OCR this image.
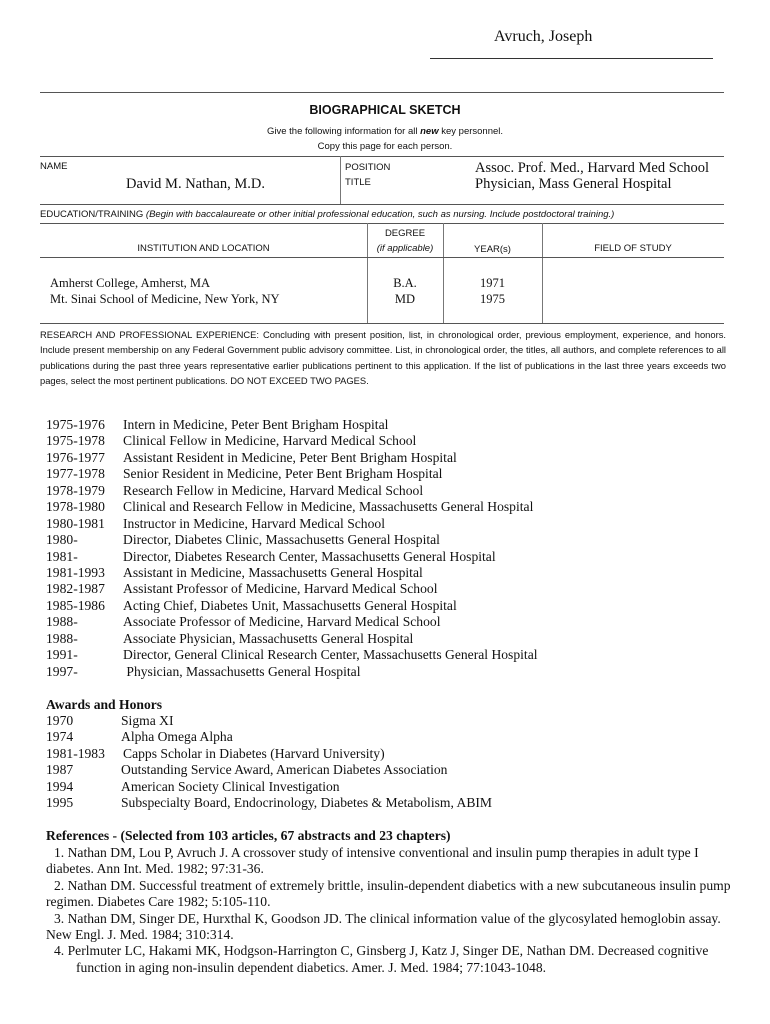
Avruch, Joseph
BIOGRAPHICAL SKETCH
Give the following information for all new key personnel.
Copy this page for each person.
NAME
David M. Nathan, M.D.
POSITION
TITLE
Assoc. Prof. Med., Harvard Med School
Physician, Mass General Hospital
EDUCATION/TRAINING (Begin with baccalaureate or other initial professional education, such as nursing. Include postdoctoral training.)
INSTITUTION AND LOCATION
DEGREE
(if applicable)	YEAR(s)	FIELD OF STUDY
Amherst College, Amherst, MA	B.A.	1971
Mt. Sinai School of Medicine, New York, NY	MD	1975
RESEARCH AND PROFESSIONAL EXPERIENCE: Concluding with present position, list, in chronological order, previous employment, experience, and honors. Include present membership on any Federal Government public advisory committee. List, in chronological order, the titles, all authors, and complete references to all publications during the past three years representative earlier publications pertinent to this application. If the list of publications in the last three years exceeds two pages, select the most pertinent publications. DO NOT EXCEED TWO PAGES.
1975-1976 Intern in Medicine, Peter Bent Brigham Hospital
1975-1978 Clinical Fellow in Medicine, Harvard Medical School
1976-1977 Assistant Resident in Medicine, Peter Bent Brigham Hospital
1977-1978 Senior Resident in Medicine, Peter Bent Brigham Hospital
1978-1979 Research Fellow in Medicine, Harvard Medical School
1978-1980 Clinical and Research Fellow in Medicine, Massachusetts General Hospital
1980-1981 Instructor in Medicine, Harvard Medical School
1980-	Director, Diabetes Clinic, Massachusetts General Hospital
1981-	Director, Diabetes Research Center, Massachusetts General Hospital
1981-1993 Assistant in Medicine, Massachusetts General Hospital
1982-1987 Assistant Professor of Medicine, Harvard Medical School
1985-1986 Acting Chief, Diabetes Unit, Massachusetts General Hospital
1988-	Associate Professor of Medicine, Harvard Medical School
1988-	Associate Physician, Massachusetts General Hospital
1991-	Director, General Clinical Research Center, Massachusetts General Hospital
1997-	Physician, Massachusetts General Hospital
Awards and Honors
1970	Sigma XI
1974	Alpha Omega Alpha
1981-1983 Capps Scholar in Diabetes (Harvard University)
1987	Outstanding Service Award, American Diabetes Association
1994	American Society Clinical Investigation
1995	Subspecialty Board, Endocrinology, Diabetes & Metabolism, ABIM
References - (Selected from 103 articles, 67 abstracts and 23 chapters)
1. Nathan DM, Lou P, Avruch J. A crossover study of intensive conventional and insulin pump therapies in adult type I diabetes. Ann Int. Med. 1982; 97:31-36.
2. Nathan DM. Successful treatment of extremely brittle, insulin-dependent diabetics with a new subcutaneous insulin pump regimen. Diabetes Care 1982; 5:105-110.
3. Nathan DM, Singer DE, Hurxthal K, Goodson JD. The clinical information value of the glycosylated hemoglobin assay. New Engl. J. Med. 1984; 310:314.
4. Perlmuter LC, Hakami MK, Hodgson-Harrington C, Ginsberg J, Katz J, Singer DE, Nathan DM. Decreased cognitive function in aging non-insulin dependent diabetics. Amer. J. Med. 1984; 77:1043-1048.
